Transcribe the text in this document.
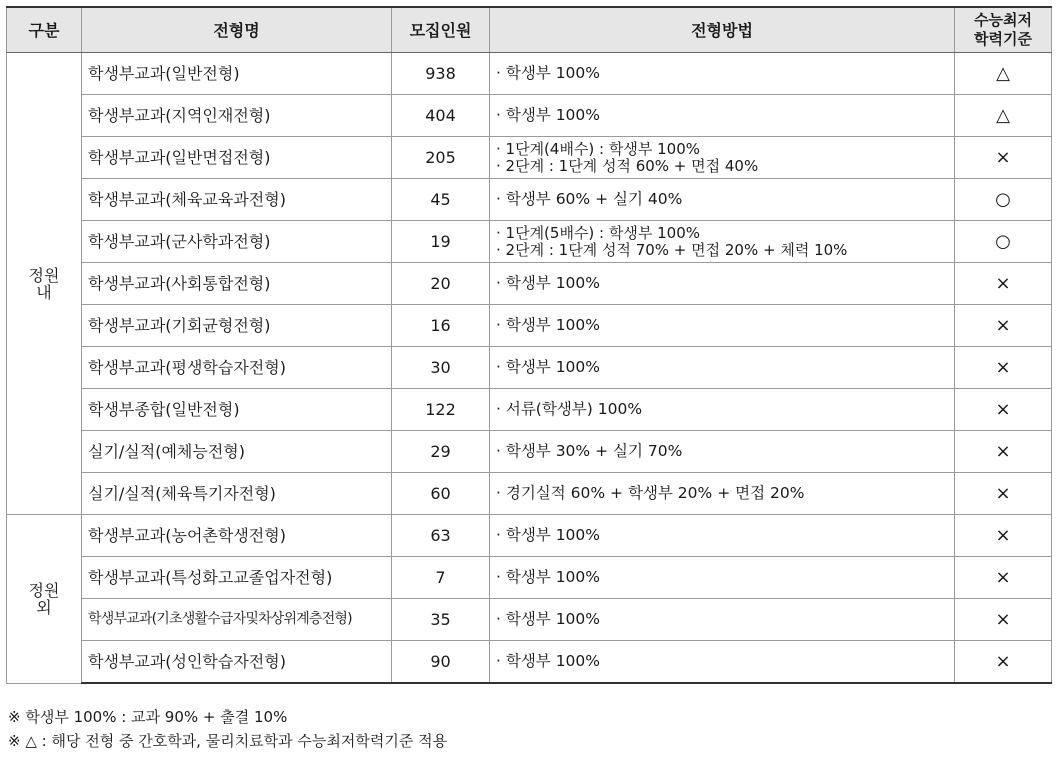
구분	전형명	모집인원	전형방법	수능최저
학력기준
정원
내	학생부교과(일반전형)	938	· 학생부 100%	△
	학생부교과(지역인재전형)	404	· 학생부 100%	△
	학생부교과(일반면접전형)	205	· 1단계(4배수) : 학생부 100%
· 2단계 : 1단계 성적 60% + 면접 40%	×
	학생부교과(체육교육과전형)	45	· 학생부 60% + 실기 40%	○
	학생부교과(군사학과전형)	19	· 1단계(5배수) : 학생부 100%
· 2단계 : 1단계 성적 70% + 면접 20% + 체력 10%	○
	학생부교과(사회통합전형)	20	· 학생부 100%	×
	학생부교과(기회균형전형)	16	· 학생부 100%	×
	학생부교과(평생학습자전형)	30	· 학생부 100%	×
	학생부종합(일반전형)	122	· 서류(학생부) 100%	×
	실기/실적(예체능전형)	29	· 학생부 30% + 실기 70%	×
	실기/실적(체육특기자전형)	60	· 경기실적 60% + 학생부 20% + 면접 20%	×
정원
외	학생부교과(농어촌학생전형)	63	· 학생부 100%	×
	학생부교과(특성화고교졸업자전형)	7	· 학생부 100%	×
	학생부교과(기초생활수급자및차상위계층전형)	35	· 학생부 100%	×
	학생부교과(성인학습자전형)	90	· 학생부 100%	×
※ 학생부 100% : 교과 90% + 출결 10%
※ △ : 해당 전형 중 간호학과, 물리치료학과 수능최저학력기준 적용
